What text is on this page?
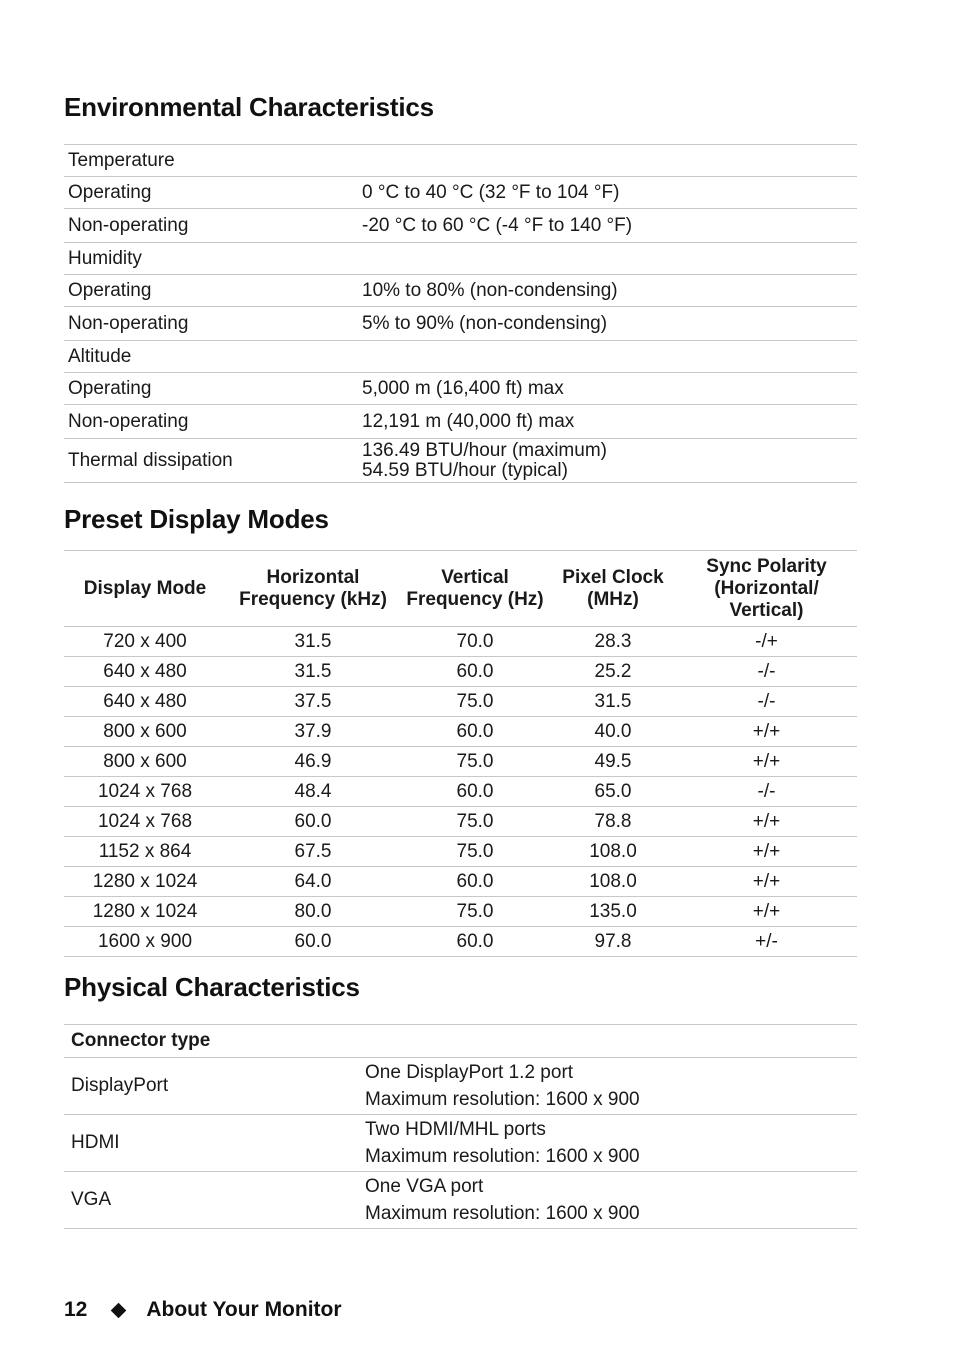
Environmental Characteristics
Temperature	
Operating	0 °C to 40 °C (32 °F to 104 °F)
Non-operating	-20 °C to 60 °C (-4 °F to 140 °F)
Humidity	
Operating	10% to 80% (non-condensing)
Non-operating	5% to 90% (non-condensing)
Altitude	
Operating	5,000 m (16,400 ft) max
Non-operating	12,191 m (40,000 ft) max
Thermal dissipation	136.49 BTU/hour (maximum)
54.59 BTU/hour (typical)
Preset Display Modes
Display Mode	Horizontal Frequency (kHz)	Vertical Frequency (Hz)	Pixel Clock (MHz)	Sync Polarity (Horizontal/ Vertical)
720 x 400	31.5	70.0	28.3	-/+
640 x 480	31.5	60.0	25.2	-/-
640 x 480	37.5	75.0	31.5	-/-
800 x 600	37.9	60.0	40.0	+/+
800 x 600	46.9	75.0	49.5	+/+
1024 x 768	48.4	60.0	65.0	-/-
1024 x 768	60.0	75.0	78.8	+/+
1152 x 864	67.5	75.0	108.0	+/+
1280 x 1024	64.0	60.0	108.0	+/+
1280 x 1024	80.0	75.0	135.0	+/+
1600 x 900	60.0	60.0	97.8	+/-
Physical Characteristics
Connector type	
DisplayPort	One DisplayPort 1.2 port
Maximum resolution: 1600 x 900

HDMI	Two HDMI/MHL ports
Maximum resolution: 1600 x 900

VGA	One VGA port
Maximum resolution: 1600 x 900
12	About Your Monitor
